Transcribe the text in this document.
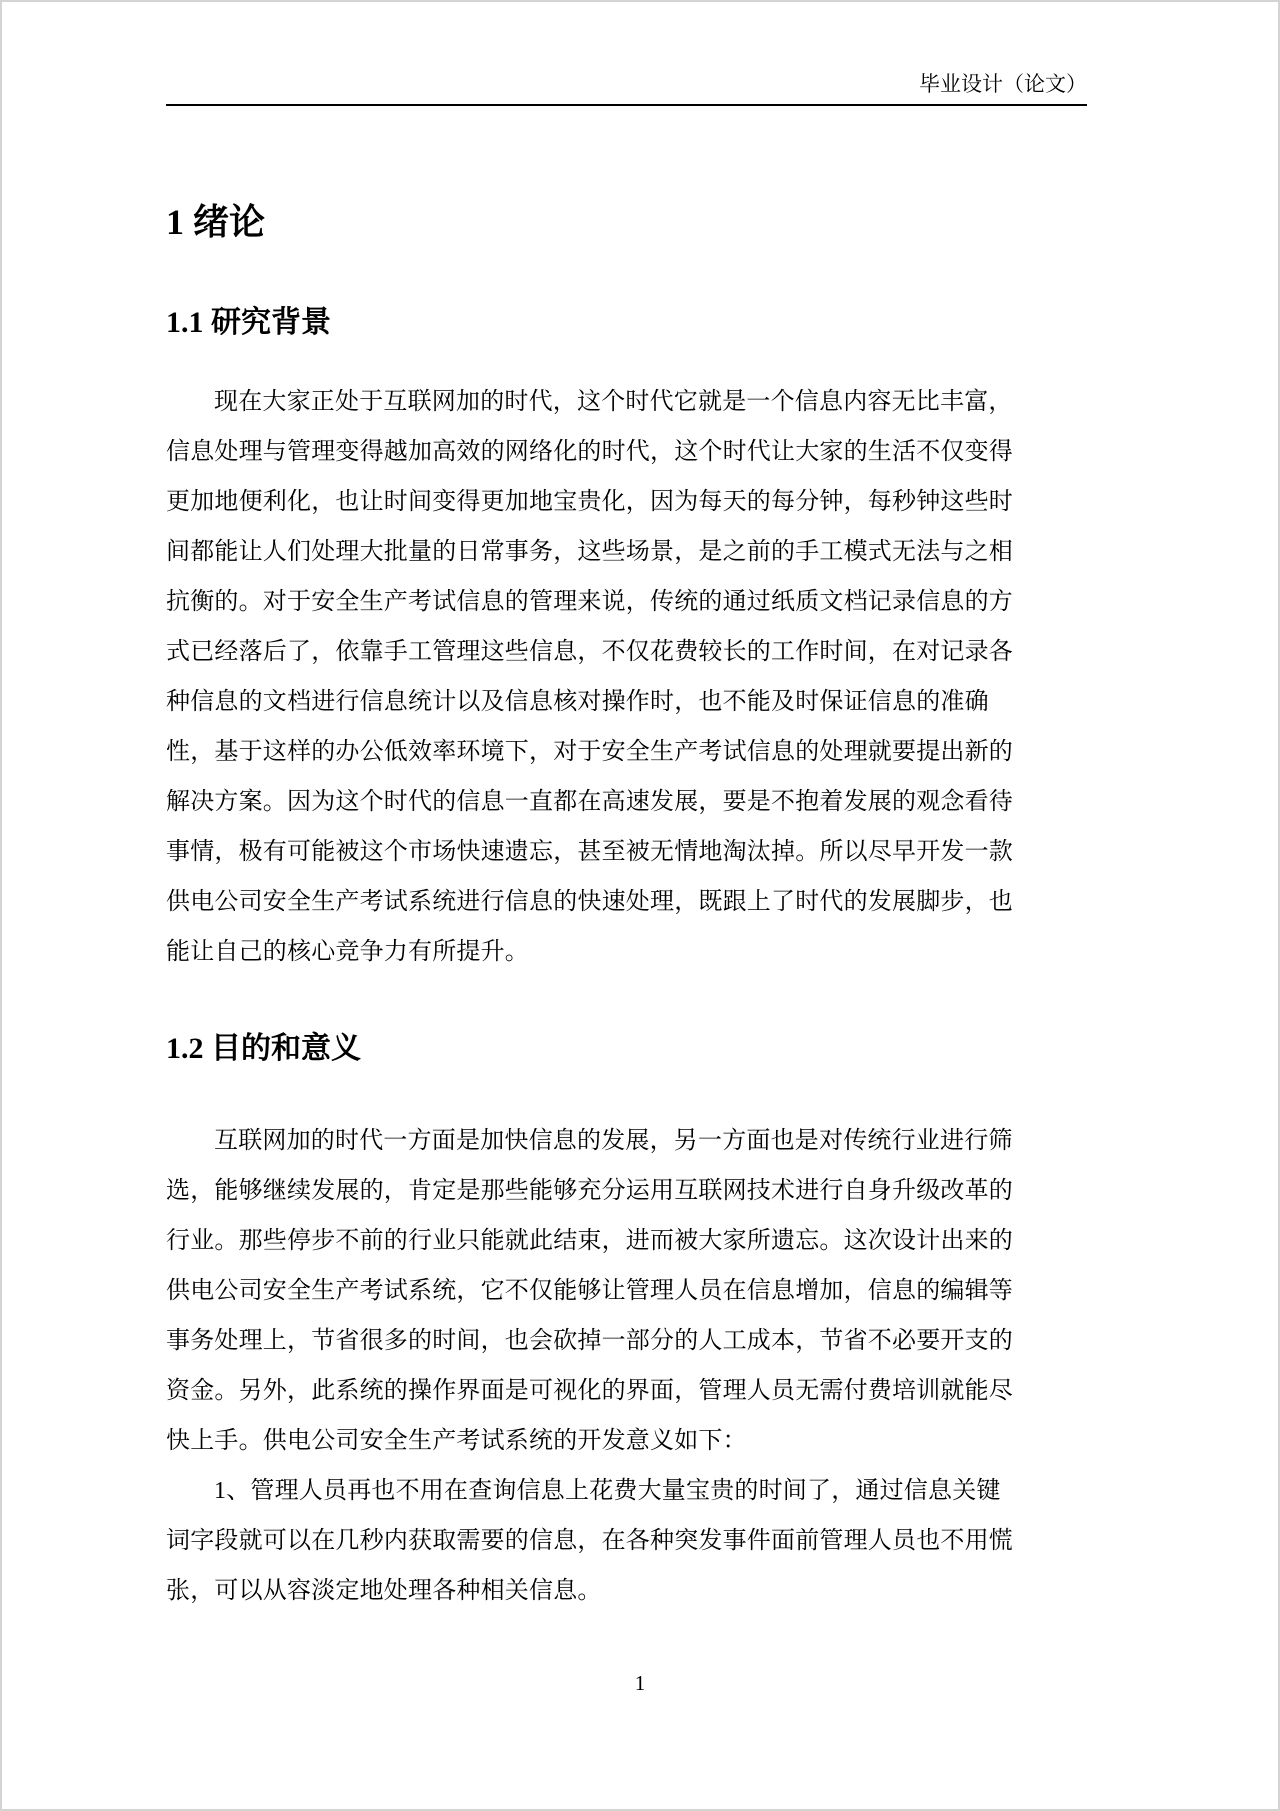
毕业设计（论文）
1 绪论
1.1 研究背景
现在大家正处于互联网加的时代，这个时代它就是一个信息内容无比丰富，
信息处理与管理变得越加高效的网络化的时代，这个时代让大家的生活不仅变得
更加地便利化，也让时间变得更加地宝贵化，因为每天的每分钟，每秒钟这些时
间都能让人们处理大批量的日常事务，这些场景，是之前的手工模式无法与之相
抗衡的。对于安全生产考试信息的管理来说，传统的通过纸质文档记录信息的方
式已经落后了，依靠手工管理这些信息，不仅花费较长的工作时间，在对记录各
种信息的文档进行信息统计以及信息核对操作时，也不能及时保证信息的准确
性，基于这样的办公低效率环境下，对于安全生产考试信息的处理就要提出新的
解决方案。因为这个时代的信息一直都在高速发展，要是不抱着发展的观念看待
事情，极有可能被这个市场快速遗忘，甚至被无情地淘汰掉。所以尽早开发一款
供电公司安全生产考试系统进行信息的快速处理，既跟上了时代的发展脚步，也
能让自己的核心竞争力有所提升。
1.2 目的和意义
互联网加的时代一方面是加快信息的发展，另一方面也是对传统行业进行筛
选，能够继续发展的，肯定是那些能够充分运用互联网技术进行自身升级改革的
行业。那些停步不前的行业只能就此结束，进而被大家所遗忘。这次设计出来的
供电公司安全生产考试系统，它不仅能够让管理人员在信息增加，信息的编辑等
事务处理上，节省很多的时间，也会砍掉一部分的人工成本，节省不必要开支的
资金。另外，此系统的操作界面是可视化的界面，管理人员无需付费培训就能尽
快上手。供电公司安全生产考试系统的开发意义如下：
1、管理人员再也不用在查询信息上花费大量宝贵的时间了，通过信息关键
词字段就可以在几秒内获取需要的信息，在各种突发事件面前管理人员也不用慌
张，可以从容淡定地处理各种相关信息。
1
